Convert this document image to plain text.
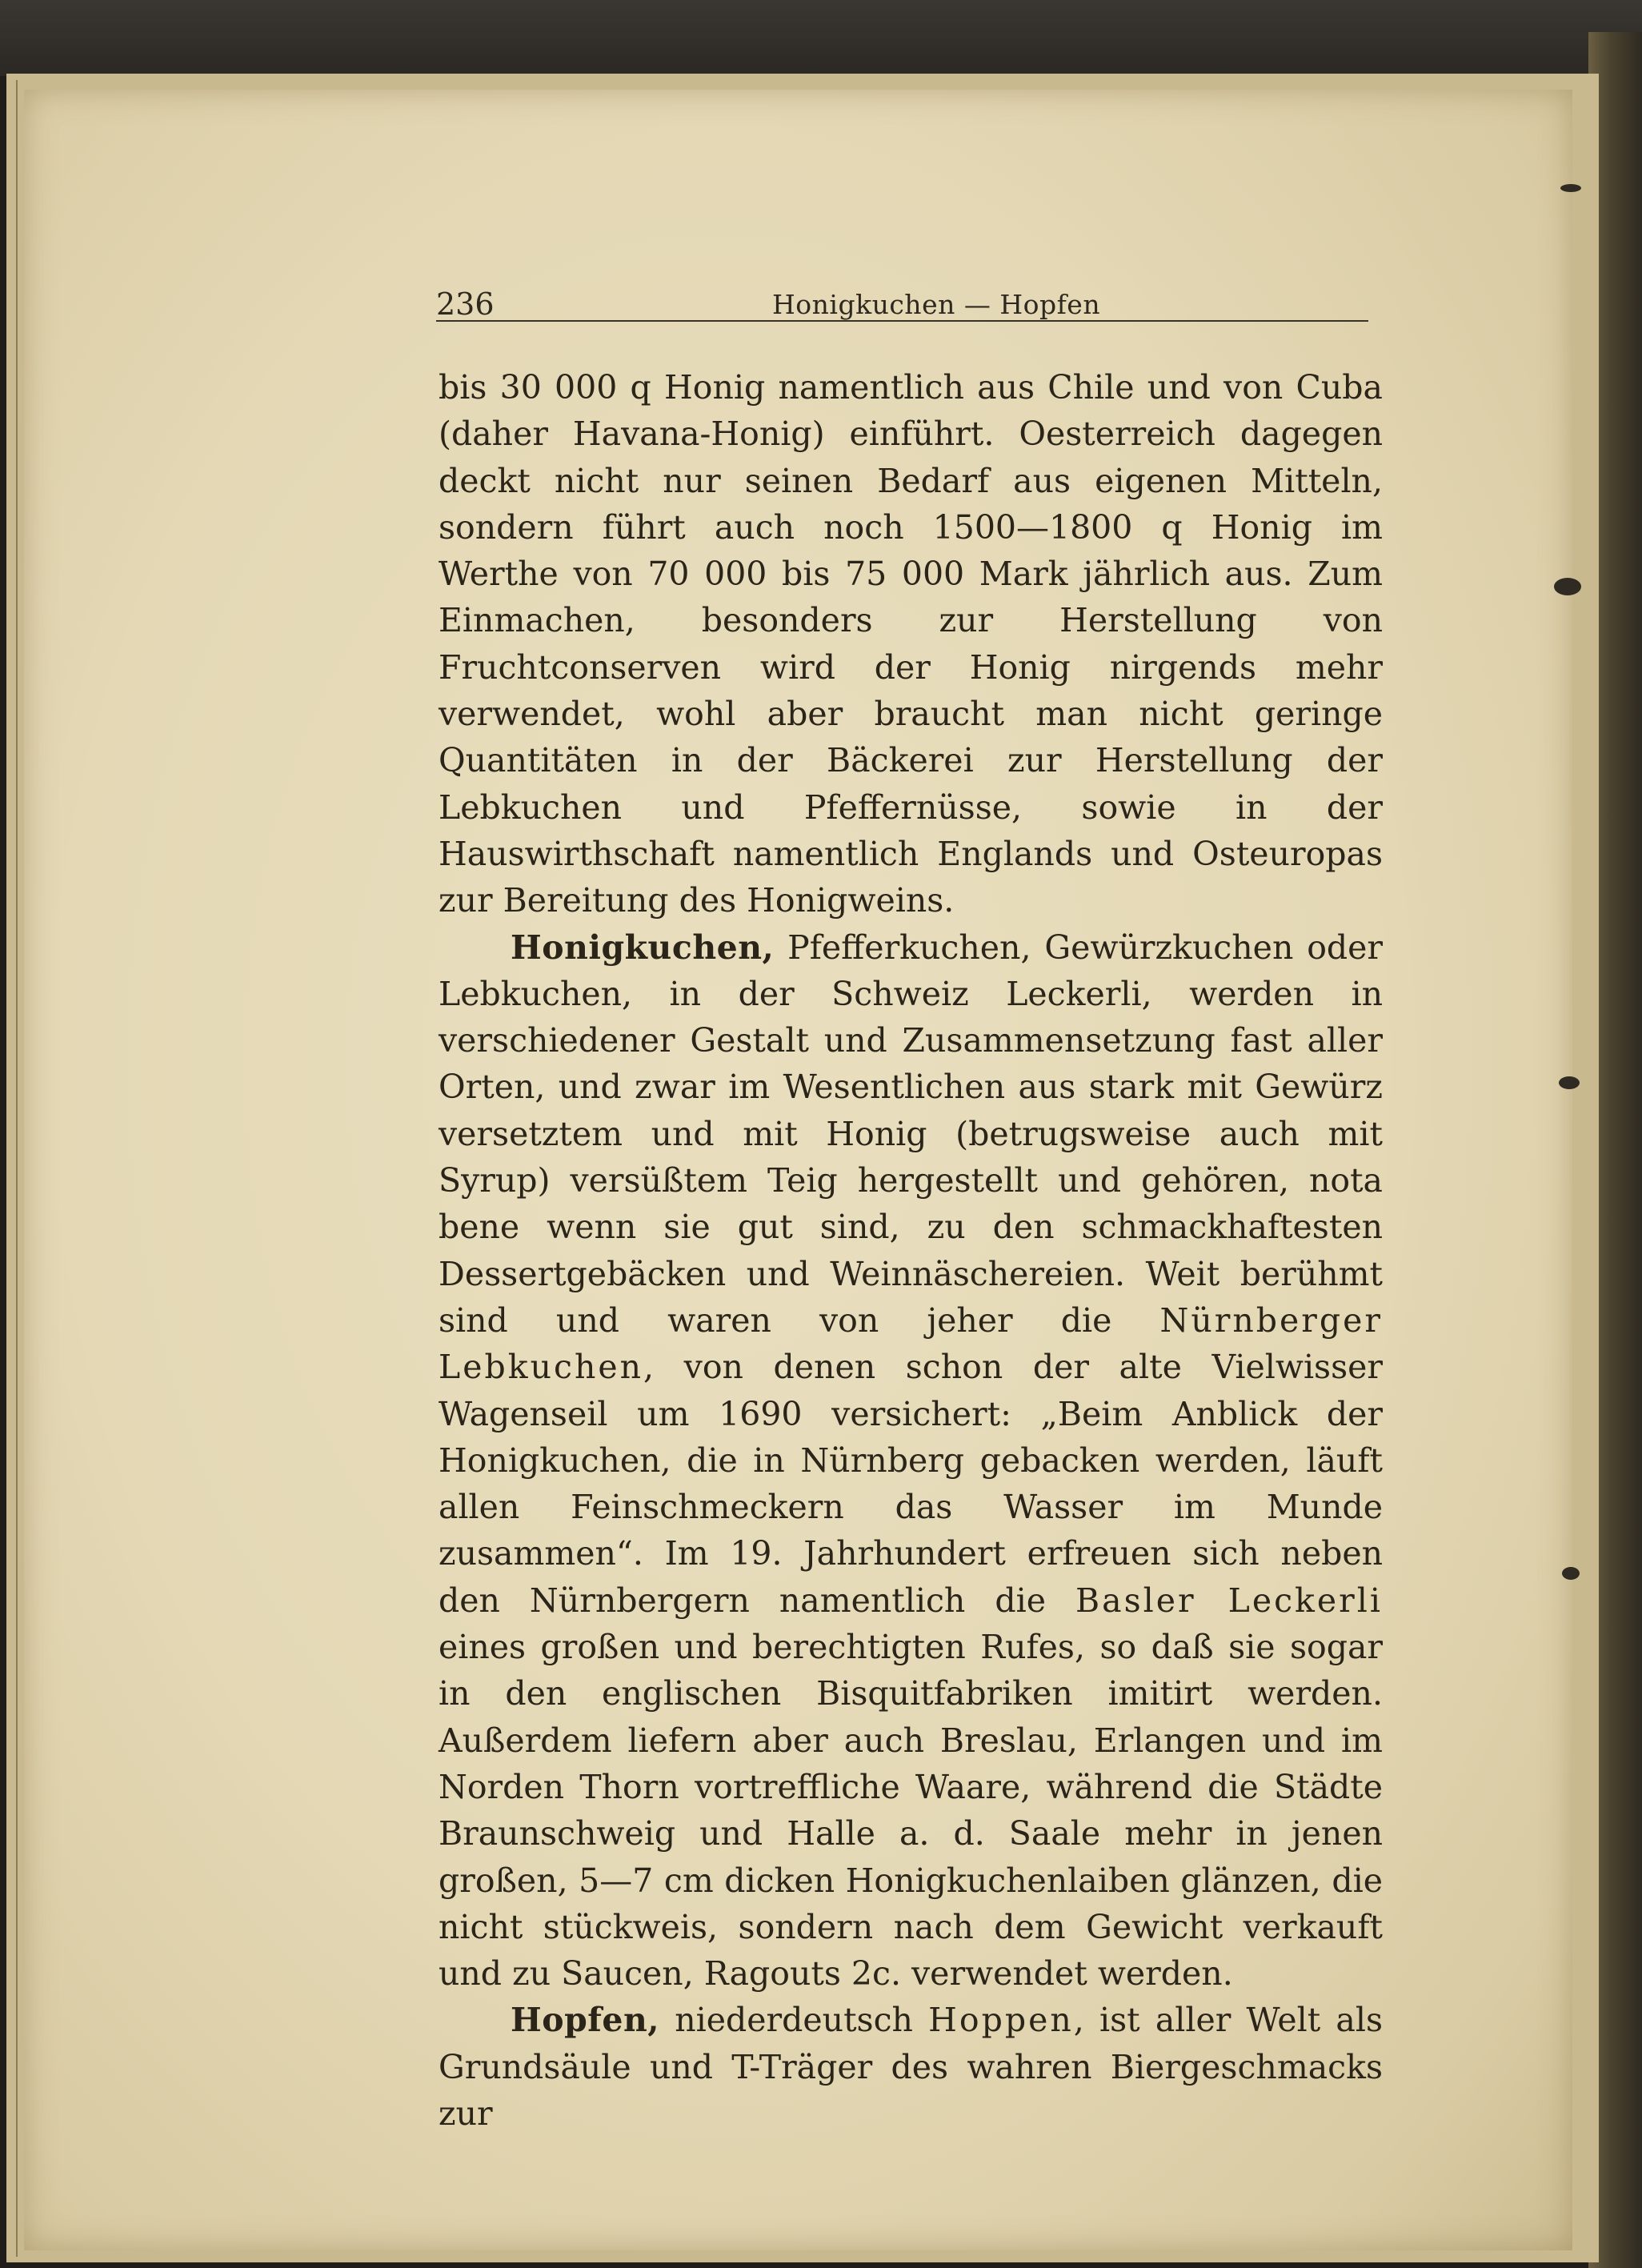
236	Honigkuchen — Hopfen

bis 30 000 q Honig namentlich aus Chile und von Cuba (daher Havana-Honig) einführt. Oesterreich dagegen deckt nicht nur seinen Bedarf aus eigenen Mitteln, sondern führt auch noch 1500—1800 q Honig im Werthe von 70 000 bis 75 000 Mark jährlich aus. Zum Einmachen, besonders zur Herstellung von Fruchtconserven wird der Honig nirgends mehr verwendet, wohl aber braucht man nicht geringe Quantitäten in der Bäckerei zur Herstellung der Lebkuchen und Pfeffernüsse, sowie in der Hauswirthschaft namentlich Englands und Osteuropas zur Bereitung des Honigweins.

Honigkuchen, Pfefferkuchen, Gewürzkuchen oder Lebkuchen, in der Schweiz Leckerli, werden in verschiedener Gestalt und Zusammensetzung fast aller Orten, und zwar im Wesentlichen aus stark mit Gewürz versetztem und mit Honig (betrugsweise auch mit Syrup) versüßtem Teig hergestellt und gehören, nota bene wenn sie gut sind, zu den schmackhaftesten Dessertgebäcken und Weinnäschereien. Weit berühmt sind und waren von jeher die Nürnberger Lebkuchen, von denen schon der alte Vielwisser Wagenseil um 1690 versichert: „Beim Anblick der Honigkuchen, die in Nürnberg gebacken werden, läuft allen Feinschmeckern das Wasser im Munde zusammen“. Im 19. Jahrhundert erfreuen sich neben den Nürnbergern namentlich die Basler Leckerli eines großen und berechtigten Rufes, so daß sie sogar in den englischen Bisquitfabriken imitirt werden. Außerdem liefern aber auch Breslau, Erlangen und im Norden Thorn vortreffliche Waare, während die Städte Braunschweig und Halle a. d. Saale mehr in jenen großen, 5—7 cm dicken Honigkuchenlaiben glänzen, die nicht stückweis, sondern nach dem Gewicht verkauft und zu Saucen, Ragouts 2c. verwendet werden.

Hopfen, niederdeutsch Hoppen, ist aller Welt als Grundsäule und T-Träger des wahren Biergeschmacks zur
